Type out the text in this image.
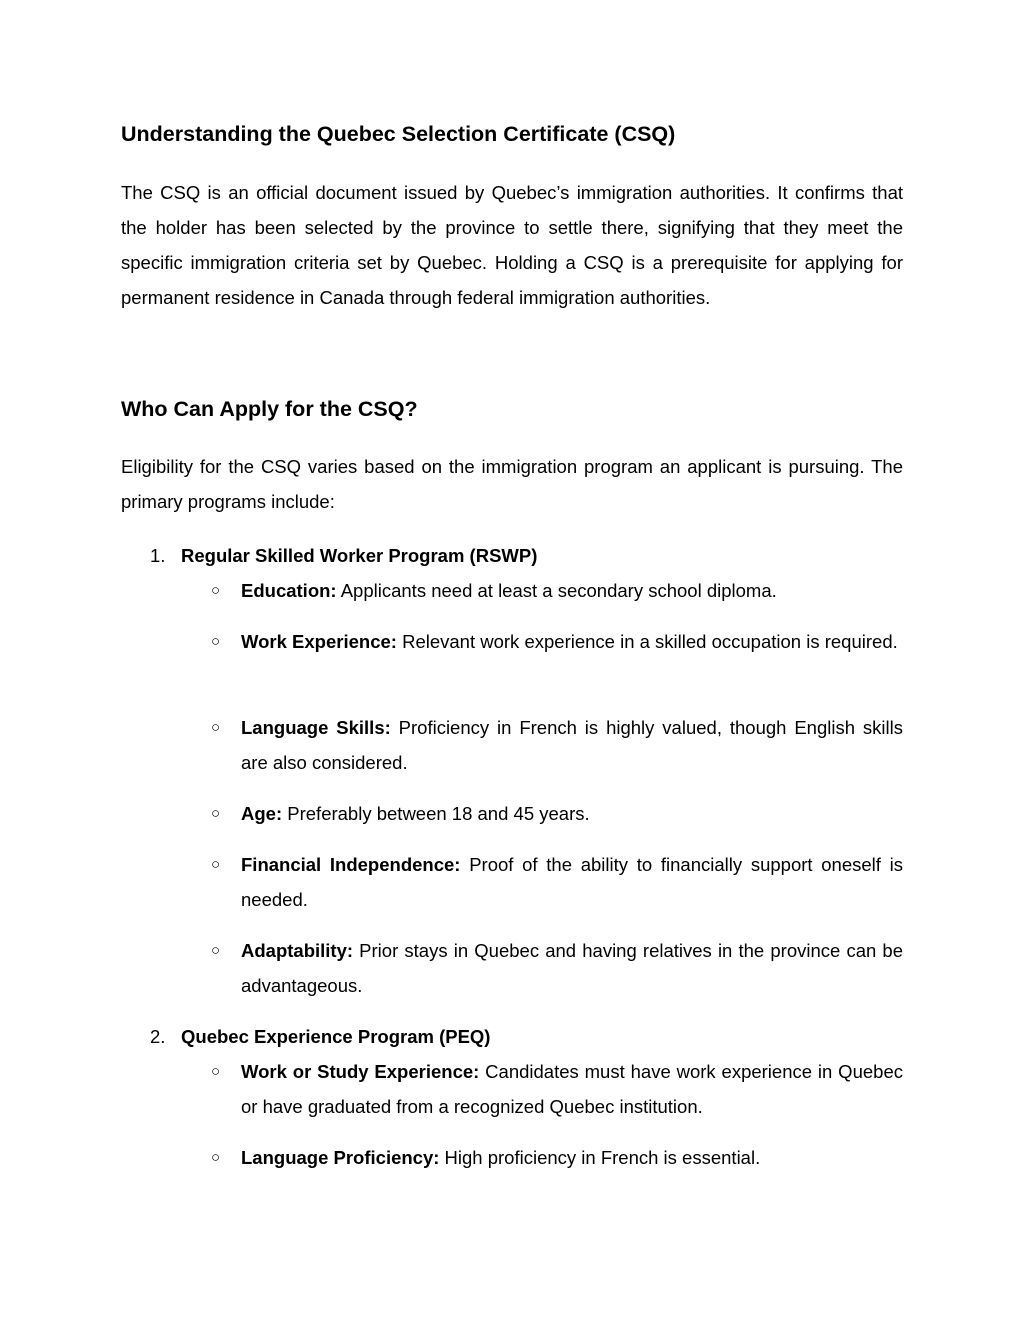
Understanding the Quebec Selection Certificate (CSQ)

The CSQ is an official document issued by Quebec’s immigration authorities. It confirms that the holder has been selected by the province to settle there, signifying that they meet the specific immigration criteria set by Quebec. Holding a CSQ is a prerequisite for applying for permanent residence in Canada through federal immigration authorities.

Who Can Apply for the CSQ?

Eligibility for the CSQ varies based on the immigration program an applicant is pursuing. The primary programs include:

1. Regular Skilled Worker Program (RSWP)
○ Education: Applicants need at least a secondary school diploma.
○ Work Experience: Relevant work experience in a skilled occupation is required.
○ Language Skills: Proficiency in French is highly valued, though English skills are also considered.
○ Age: Preferably between 18 and 45 years.
○ Financial Independence: Proof of the ability to financially support oneself is needed.
○ Adaptability: Prior stays in Quebec and having relatives in the province can be advantageous.
2. Quebec Experience Program (PEQ)
○ Work or Study Experience: Candidates must have work experience in Quebec or have graduated from a recognized Quebec institution.
○ Language Proficiency: High proficiency in French is essential.
